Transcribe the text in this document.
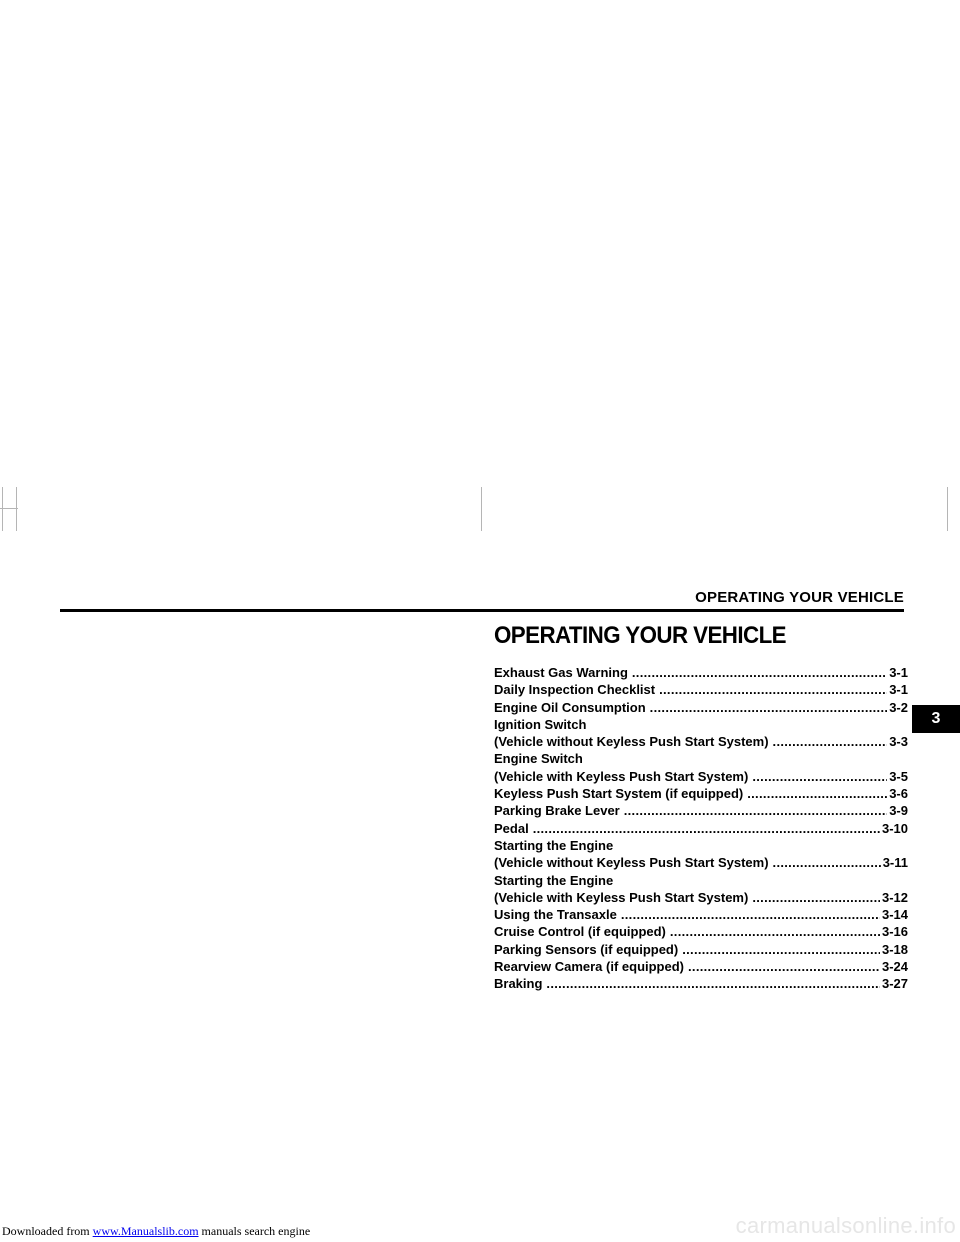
OPERATING YOUR VEHICLE
OPERATING YOUR VEHICLE
Exhaust Gas Warning .....	3-1
Daily Inspection Checklist .....	3-1
Engine Oil Consumption .....	3-2
Ignition Switch
(Vehicle without Keyless Push Start System) .....	3-3
Engine Switch
(Vehicle with Keyless Push Start System) .....	3-5
Keyless Push Start System (if equipped) .....	3-6
Parking Brake Lever .....	3-9
Pedal .....	3-10
Starting the Engine
(Vehicle without Keyless Push Start System) .....	3-11
Starting the Engine
(Vehicle with Keyless Push Start System) .....	3-12
Using the Transaxle .....	3-14
Cruise Control (if equipped) .....	3-16
Parking Sensors (if equipped) .....	3-18
Rearview Camera (if equipped) .....	3-24
Braking .....	3-27
3
Downloaded from www.Manualslib.com manuals search engine	carmanualsonline.info
